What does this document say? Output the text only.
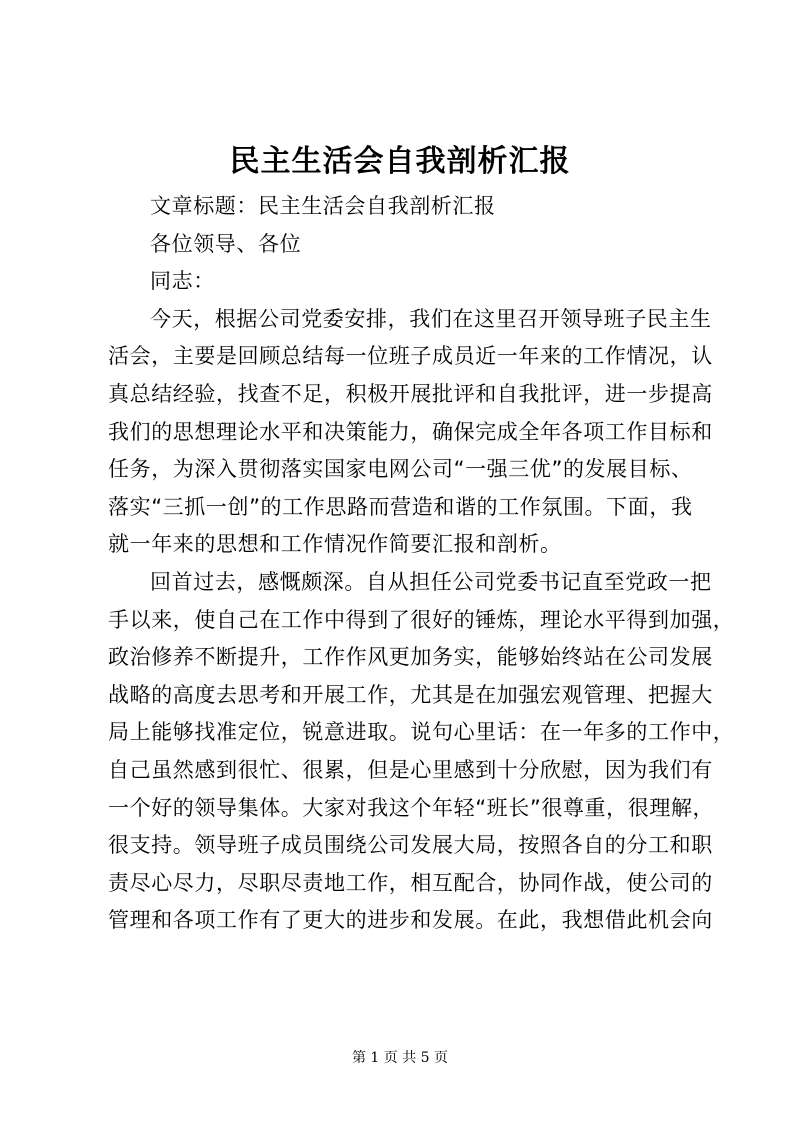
民主生活会自我剖析汇报
文章标题：民主生活会自我剖析汇报
各位领导、各位
同志：
今天，根据公司党委安排，我们在这里召开领导班子民主生
活会，主要是回顾总结每一位班子成员近一年来的工作情况，认
真总结经验，找查不足，积极开展批评和自我批评，进一步提高
我们的思想理论水平和决策能力，确保完成全年各项工作目标和
任务，为深入贯彻落实国家电网公司“一强三优”的发展目标、
落实“三抓一创”的工作思路而营造和谐的工作氛围。下面，我
就一年来的思想和工作情况作简要汇报和剖析。
回首过去，感慨颇深。自从担任公司党委书记直至党政一把
手以来，使自己在工作中得到了很好的锤炼，理论水平得到加强，
政治修养不断提升，工作作风更加务实，能够始终站在公司发展
战略的高度去思考和开展工作，尤其是在加强宏观管理、把握大
局上能够找准定位，锐意进取。说句心里话：在一年多的工作中，
自己虽然感到很忙、很累，但是心里感到十分欣慰，因为我们有
一个好的领导集体。大家对我这个年轻“班长”很尊重，很理解，
很支持。领导班子成员围绕公司发展大局，按照各自的分工和职
责尽心尽力，尽职尽责地工作，相互配合，协同作战，使公司的
管理和各项工作有了更大的进步和发展。在此，我想借此机会向
第 1 页 共 5 页
